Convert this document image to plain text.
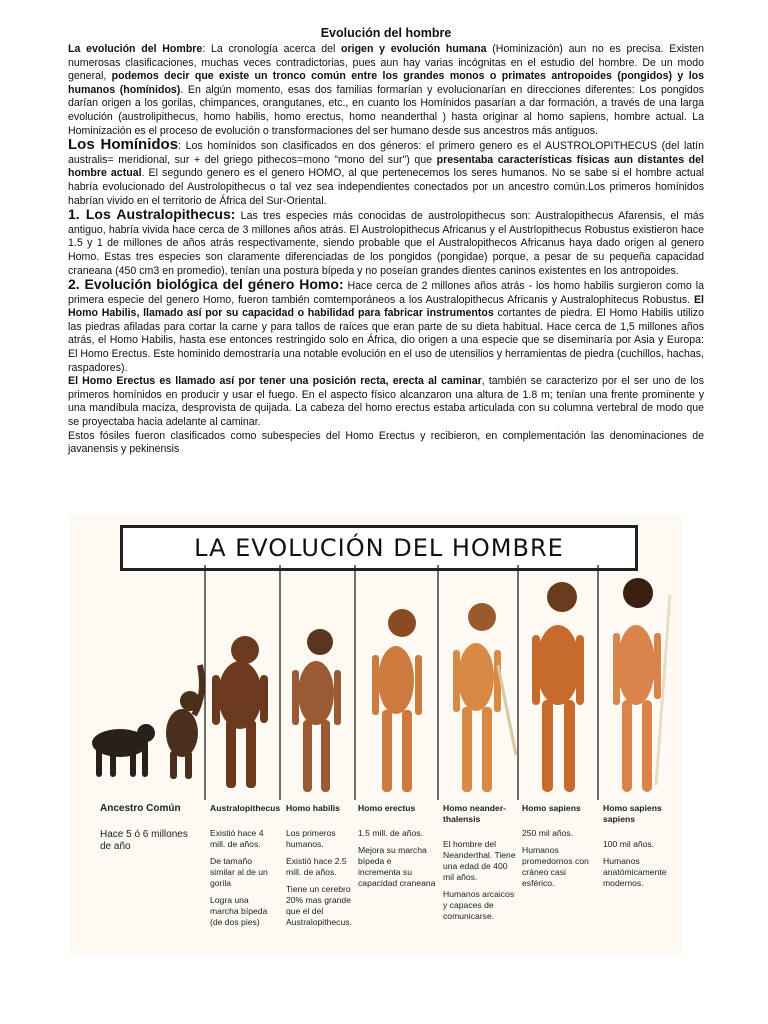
Evolución del hombre

La evolución del Hombre: La cronología acerca del origen y evolución humana (Hominización) aun no es precisa. Existen numerosas clasificaciones, muchas veces contradictorias, pues aun hay varias incógnitas en el estudio del hombre. De un modo general, podemos decir que existe un tronco común entre los grandes monos o primates antropoides (pongidos) y los humanos (homínidos). En algún momento, esas dos familias formarían y evolucionarían en direcciones diferentes: Los pongidos darían origen a los gorilas, chimpances, orangutanes, etc., en cuanto los Homínidos pasarían a dar formación, a través de una larga evolución (austrolipithecus, homo habilis, homo erectus, homo neanderthal ) hasta originar al homo sapiens, hombre actual. La Hominización es el proceso de evolución o transformaciones del ser humano desde sus ancestros más antiguos.

Los Homínidos: Los homínidos son clasificados en dos géneros: el primero genero es el AUSTROLOPITHECUS (del latín australis= meridional, sur + del griego pithecos=mono "mono del sur") que presentaba características físicas aun distantes del hombre actual. El segundo genero es el genero HOMO, al que pertenecemos los seres humanos. No se sabe si el hombre actual habría evolucionado del Austrolopithecus o tal vez sea independientes conectados por un ancestro común.Los primeros homínidos habrían vivido en el territorio de África del Sur-Oriental.

1. Los Australopithecus: Las tres especies más conocidas de austrolopithecus son: Australopithecus Afarensis, el más antiguo, habría vivida hace cerca de 3 millones años atrás. El Austrolopithecus Africanus y el Austrlopithecus Robustus existieron hace 1.5 y 1 de millones de años atrás respectivamente, siendo probable que el Australopithecos Africanus haya dado origen al genero Homo. Estas tres especies son claramente diferenciadas de los pongidos (pongidae) porque, a pesar de su pequeña capacidad craneana (450 cm3 en promedio), tenían una postura bípeda y no poseían grandes dientes caninos existentes en los antropoides.

2. Evolución biológica del género Homo: Hace cerca de 2 millones años atrás - los homo habilis surgieron como la primera especie del genero Homo, fueron también comtemporáneos a los Australopithecus Africanis y Australophitecus Robustus. El Homo Habilis, llamado así por su capacidad o habilidad para fabricar instrumentos cortantes de piedra. El Homo Habilis utilizo las piedras afiladas para cortar la carne y para tallos de raíces que eran parte de su dieta habitual. Hace cerca de 1,5 millones años atrás, el Homo Habilis, hasta ese entonces restringido solo en África, dio origen a una especie que se diseminaría por Asia y Europa: El Homo Erectus. Este hominido demostraría una notable evolución en el uso de utensilios y herramientas de piedra (cuchillos, hachas, raspadores).

El Homo Erectus es llamado así por tener una posición recta, erecta al caminar, también se caracterizo por el ser uno de los primeros homínidos en producir y usar el fuego. En el aspecto físico alcanzaron una altura de 1.8 m; tenían una frente prominente y una mandíbula maciza, desprovista de quijada. La cabeza del homo erectus estaba articulada con su columna vertebral de modo que se proyectaba hacia adelante al caminar.

Estos fósiles fueron clasificados como subespecies del Homo Erectus y recibieron, en complementación las denominaciones de javanensis y pekinensis

LA EVOLUCIÓN DEL HOMBRE
Ancestro Común

Hace 5 ó 6 millones de año

Australopithecus

Existió hace 4 mill. de años.

De tamaño similar al de un gorila

Logra una marcha bípeda (de dos pies)

Homo habilis

Los primeros humanos.

Existió hace 2.5 mill. de años.

Tiene un cerebro 20% mas grande que el del Australopithecus.

Homo erectus

1.5 mill. de años.

Mejora su marcha bípeda e incrementa su capacidad craneana

Homo neander-thalensis

El hombre del Neanderthal. Tiene una edad de 400 mil años.

Humanos arcaicos y capaces de comunicarse.

Homo sapiens

250 mil años.

Humanos promedornos con cráneo casi esférico.

Homo sapiens sapiens

100 mil años.

Humanos anatómicamente modernos.
